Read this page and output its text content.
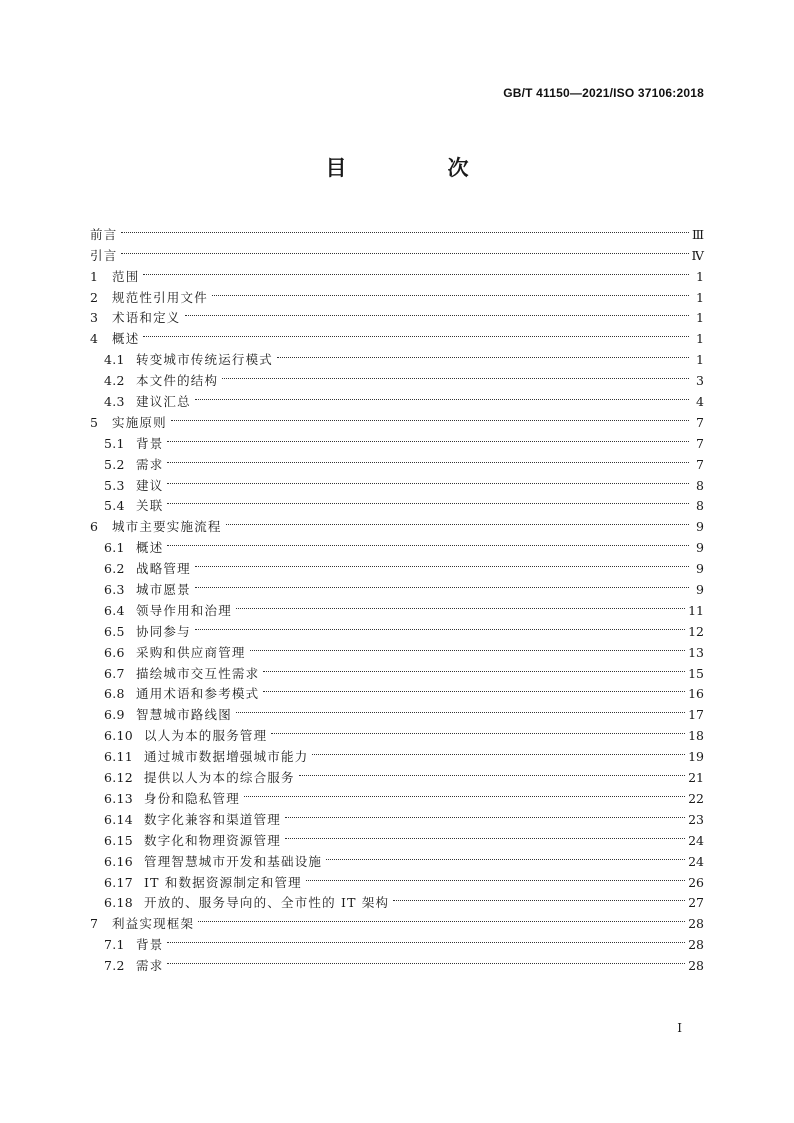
GB/T 41150—2021/ISO 37106:2018
目　次
前言	Ⅲ
引言	Ⅳ
1	范围	1
2	规范性引用文件	1
3	术语和定义	1
4	概述	1
4.1 转变城市传统运行模式	1
4.2 本文件的结构	3
4.3 建议汇总	4
5	实施原则	7
5.1 背景	7
5.2 需求	7
5.3 建议	8
5.4 关联	8
6	城市主要实施流程	9
6.1 概述	9
6.2 战略管理	9
6.3 城市愿景	9
6.4 领导作用和治理	11
6.5 协同参与	12
6.6 采购和供应商管理	13
6.7 描绘城市交互性需求	15
6.8 通用术语和参考模式	16
6.9 智慧城市路线图	17
6.10 以人为本的服务管理	18
6.11 通过城市数据增强城市能力	19
6.12 提供以人为本的综合服务	21
6.13 身份和隐私管理	22
6.14 数字化兼容和渠道管理	23
6.15 数字化和物理资源管理	24
6.16 管理智慧城市开发和基础设施	24
6.17 IT 和数据资源制定和管理	26
6.18 开放的、服务导向的、全市性的 IT 架构	27
7	利益实现框架	28
7.1 背景	28
7.2 需求	28
I
